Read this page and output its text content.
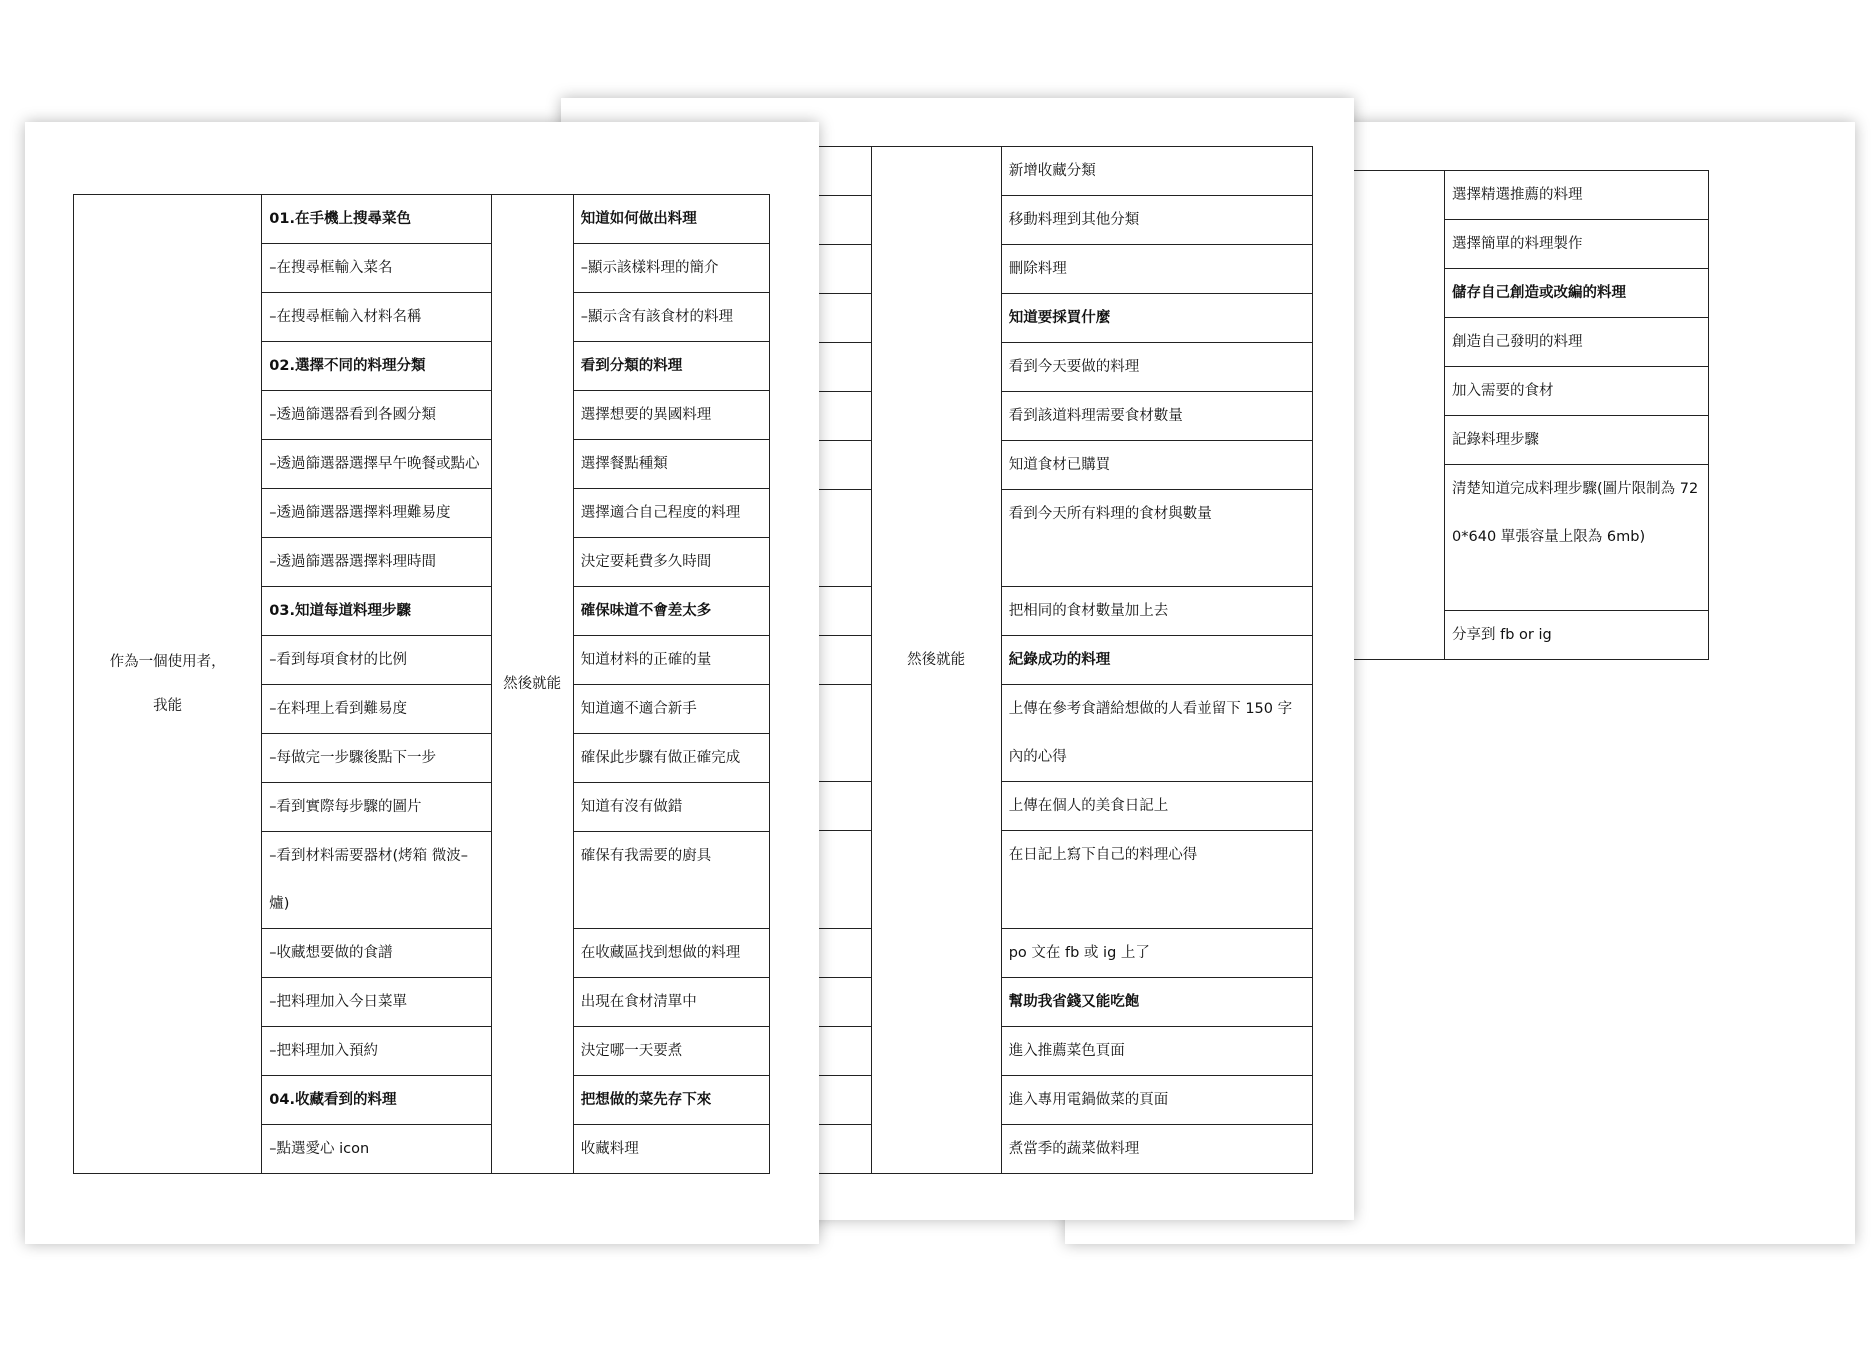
		選擇精選推薦的料理
	選擇簡單的料理製作
	儲存自己創造或改編的料理
	創造自己發明的料理
	加入需要的食材
	記錄料理步驟
	清楚知道完成料理步驟(圖片限制為 720*640 單張容量上限為 6mb)
	分享到 fb or ig
	然後就能	新增收藏分類
	移動料理到其他分類
	刪除料理
	知道要採買什麼
	看到今天要做的料理
	看到該道料理需要食材數量
	知道食材已購買
	看到今天所有料理的食材與數量
	把相同的食材數量加上去
	紀錄成功的料理
	上傳在參考食譜給想做的人看並留下 150 字內的心得
	上傳在個人的美食日記上
	在日記上寫下自己的料理心得
	po 文在 fb 或 ig 上了
	幫助我省錢又能吃飽
	進入推薦菜色頁面
	進入專用電鍋做菜的頁面
	煮當季的蔬菜做料理
作為一個使用者，
我能	01.在手機上搜尋菜色	然後就能	知道如何做出料理
	–在搜尋框輸入菜名		–顯示該樣料理的簡介
	–在搜尋框輸入材料名稱		–顯示含有該食材的料理
	02.選擇不同的料理分類		看到分類的料理
	–透過篩選器看到各國分類		選擇想要的異國料理
	–透過篩選器選擇早午晚餐或點心		選擇餐點種類
	–透過篩選器選擇料理難易度		選擇適合自己程度的料理
	–透過篩選器選擇料理時間		決定要耗費多久時間
	03.知道每道料理步驟		確保味道不會差太多
	–看到每項食材的比例		知道材料的正確的量
	–在料理上看到難易度		知道適不適合新手
	–每做完一步驟後點下一步		確保此步驟有做正確完成
	–看到實際每步驟的圖片		知道有沒有做錯
	–看到材料需要器材(烤箱 微波–爐)		確保有我需要的廚具
	–收藏想要做的食譜		在收藏區找到想做的料理
	–把料理加入今日菜單		出現在食材清單中
	–把料理加入預約		決定哪一天要煮
	04.收藏看到的料理		把想做的菜先存下來
	–點選愛心 icon		收藏料理
